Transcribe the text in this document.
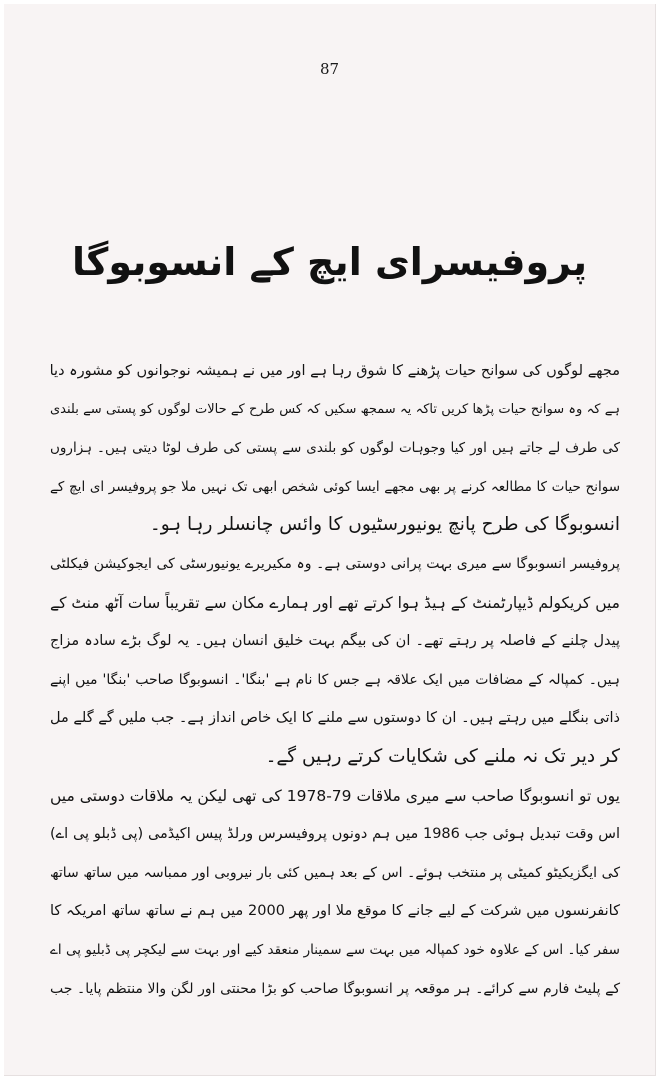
87
پروفیسرای ایچ کے انسوبوگا
مجھے لوگوں کی سوانح حیات پڑھنے کا شوق رہا ہے اور میں نے ہمیشہ نوجوانوں کو مشورہ دیا
ہے کہ وہ سوانح حیات پڑھا کریں تاکہ یہ سمجھ سکیں کہ کس طرح کے حالات لوگوں کو پستی سے بلندی
کی طرف لے جاتے ہیں اور کیا وجوہات لوگوں کو بلندی سے پستی کی طرف لوٹا دیتی ہیں۔ ہزاروں
سوانح حیات کا مطالعہ کرنے پر بھی مجھے ایسا کوئی شخص ابھی تک نہیں ملا جو پروفیسر ای ایچ کے
انسوبوگا کی طرح پانچ یونیورسٹیوں کا وائس چانسلر رہا ہو۔
پروفیسر انسوبوگا سے میری بہت پرانی دوستی ہے۔ وہ مکیریرے یونیورسٹی کی ایجوکیشن فیکلٹی
میں کریکولم ڈیپارٹمنٹ کے ہیڈ ہوا کرتے تھے اور ہمارے مکان سے تقریباً سات آٹھ منٹ کے
پیدل چلنے کے فاصلہ پر رہتے تھے۔ ان کی بیگم بہت خلیق انسان ہیں۔ یہ لوگ بڑے سادہ مزاج
ہیں۔ کمپالہ کے مضافات میں ایک علاقہ ہے جس کا نام ہے 'بنگا'۔ انسوبوگا صاحب 'بنگا' میں اپنے
ذاتی بنگلے میں رہتے ہیں۔ ان کا دوستوں سے ملنے کا ایک خاص انداز ہے۔ جب ملیں گے گلے مل
کر دیر تک نہ ملنے کی شکایات کرتے رہیں گے۔
یوں تو انسوبوگا صاحب سے میری ملاقات 79-1978 کی تھی لیکن یہ ملاقات دوستی میں
اس وقت تبدیل ہوئی جب 1986 میں ہم دونوں پروفیسرس ورلڈ پیس اکیڈمی (پی ڈبلو پی اے)
کی ایگزیکیٹو کمیٹی پر منتخب ہوئے۔ اس کے بعد ہمیں کئی بار نیروبی اور ممباسہ میں ساتھ ساتھ
کانفرنسوں میں شرکت کے لیے جانے کا موقع ملا اور پھر 2000 میں ہم نے ساتھ ساتھ امریکہ کا
سفر کیا۔ اس کے علاوہ خود کمپالہ میں بہت سے سمینار منعقد کیے اور بہت سے لیکچر پی ڈبلیو پی اے
کے پلیٹ فارم سے کرائے۔ ہر موقعہ پر انسوبوگا صاحب کو بڑا محنتی اور لگن والا منتظم پایا۔ جب
